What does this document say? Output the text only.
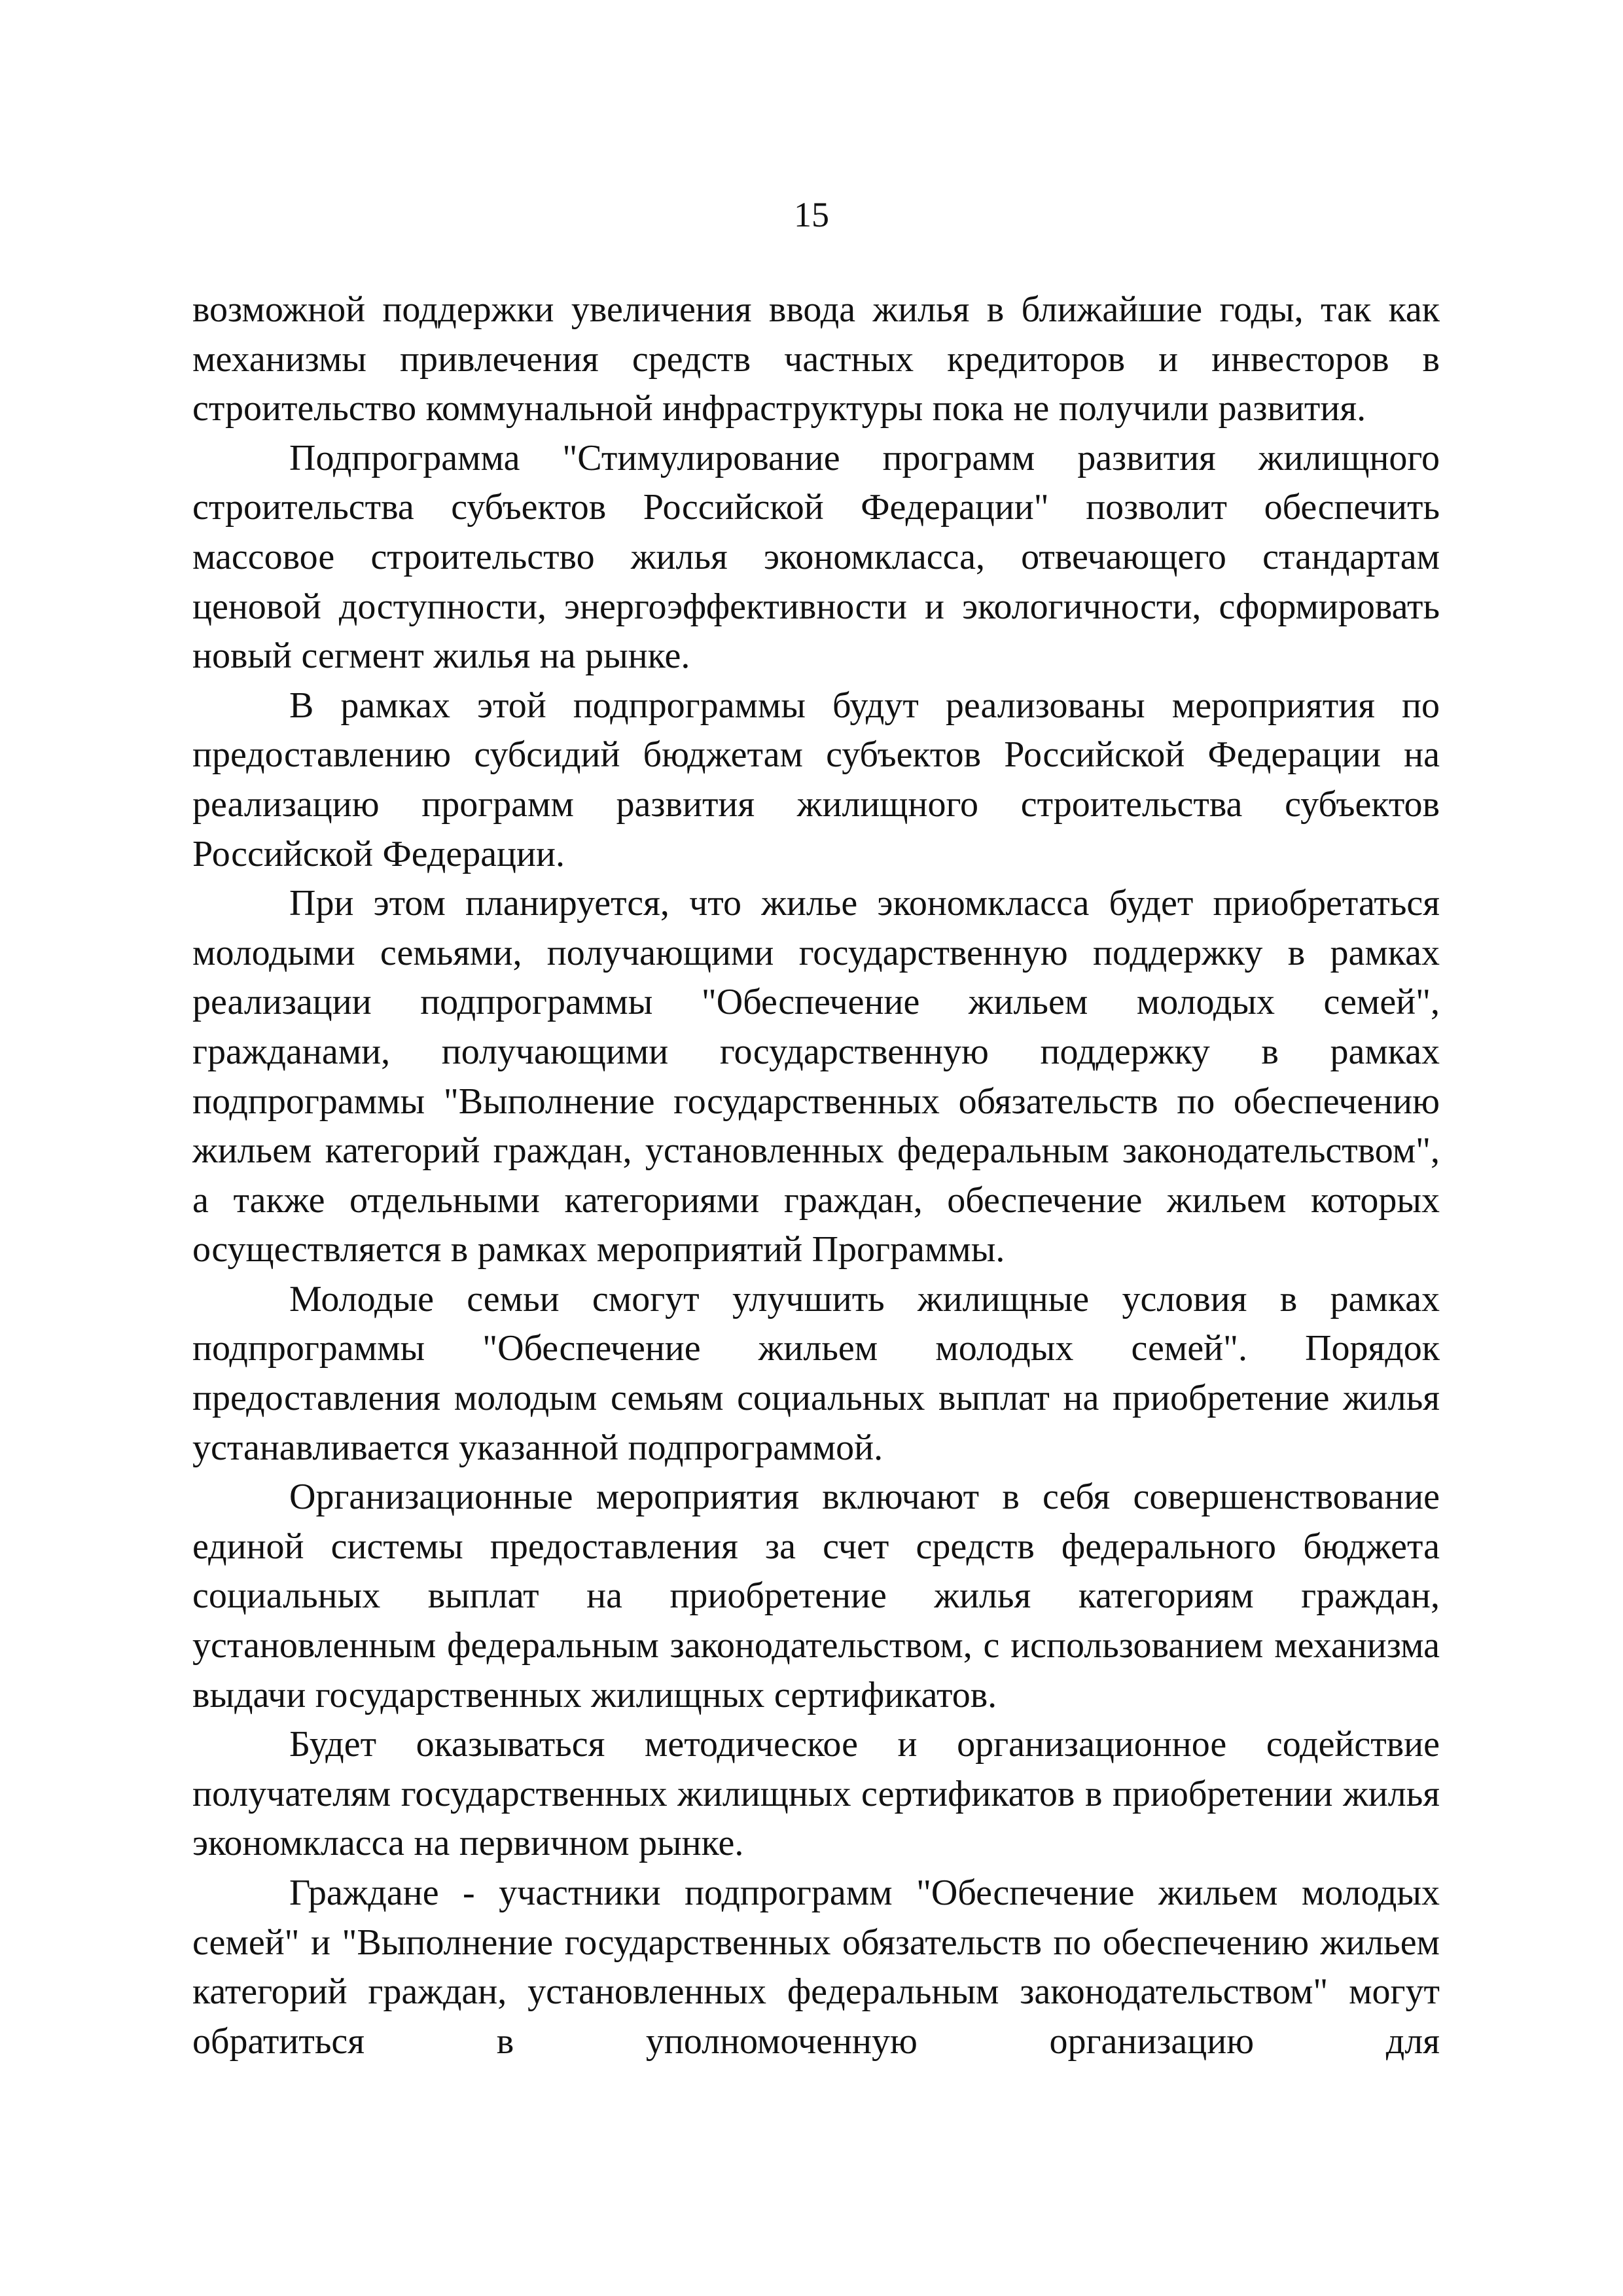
15

возможной поддержки увеличения ввода жилья в ближайшие годы, так как механизмы привлечения средств частных кредиторов и инвесторов в строительство коммунальной инфраструктуры пока не получили развития.

Подпрограмма "Стимулирование программ развития жилищного строительства субъектов Российской Федерации" позволит обеспечить массовое строительство жилья экономкласса, отвечающего стандартам ценовой доступности, энергоэффективности и экологичности, сформировать новый сегмент жилья на рынке.

В рамках этой подпрограммы будут реализованы мероприятия по предоставлению субсидий бюджетам субъектов Российской Федерации на реализацию программ развития жилищного строительства субъектов Российской Федерации.

При этом планируется, что жилье экономкласса будет приобретаться молодыми семьями, получающими государственную поддержку в рамках реализации подпрограммы "Обеспечение жильем молодых семей", гражданами, получающими государственную поддержку в рамках подпрограммы "Выполнение государственных обязательств по обеспечению жильем категорий граждан, установленных федеральным законодательством", а также отдельными категориями граждан, обеспечение жильем которых осуществляется в рамках мероприятий Программы.

Молодые семьи смогут улучшить жилищные условия в рамках подпрограммы "Обеспечение жильем молодых семей". Порядок предоставления молодым семьям социальных выплат на приобретение жилья устанавливается указанной подпрограммой.

Организационные мероприятия включают в себя совершенствование единой системы предоставления за счет средств федерального бюджета социальных выплат на приобретение жилья категориям граждан, установленным федеральным законодательством, с использованием механизма выдачи государственных жилищных сертификатов.

Будет оказываться методическое и организационное содействие получателям государственных жилищных сертификатов в приобретении жилья экономкласса на первичном рынке.

Граждане - участники подпрограмм "Обеспечение жильем молодых семей" и "Выполнение государственных обязательств по обеспечению жильем категорий граждан, установленных федеральным законодательством" могут обратиться в уполномоченную организацию для
